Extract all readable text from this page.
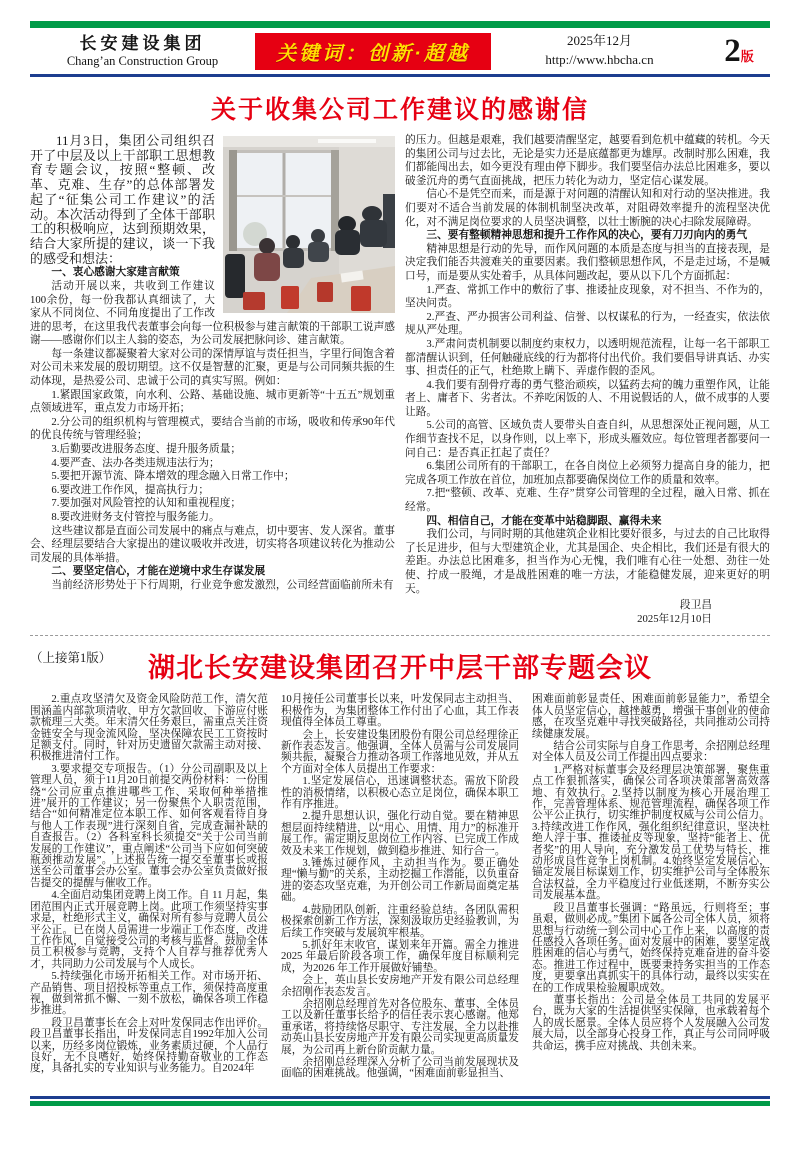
长安建设集团
Chang’an Construction Group	关键词：创新·超越
2025年12月
http://www.hbcha.cn	2版
关于收集公司工作建议的感谢信

11月3日，集团公司组织召开了中层及以上干部职工思想教育专题会议，按照“整顿、改革、克难、生存”的总体部署发起了“征集公司工作建议”的活动。本次活动得到了全体干部职工的积极响应，达到预期效果，结合大家所提的建议，谈一下我的感受和想法：

一、衷心感谢大家建言献策

活动开展以来，共收到工作建议100余份，每一份我都认真细读了，大家从不同岗位、不同角度提出了工作改进的思考，在这里我代表董事会向每一位积极参与建言献策的干部职工说声感谢——感谢你们以主人翁的姿态，为公司发展把脉问诊、建言献策。

每一条建议都凝聚着大家对公司的深情厚谊与责任担当，字里行间饱含着对公司未来发展的殷切期望。这不仅是智慧的汇聚，更是与公司同频共振的生动体现，是热爱公司、忠诚于公司的真实写照。例如：

1.紧跟国家政策，向水利、公路、基础设施、城市更新等“十五五”规划重点领域进军，重点发力市场开拓；

2.分公司的组织机构与管理模式，要结合当前的市场，吸收和传承90年代的优良传统与管理经验；

3.后勤要改进服务态度、提升服务质量；

4.要严查、法办各类违规违法行为；

5.要把开源节流、降本增效的理念融入日常工作中；

6.要改进工作作风，提高执行力；

7.要加强对风险管控的认知和重视程度；

8.要改进财务支付管控与服务能力。

这些建议都是直面公司发展中的痛点与难点，切中要害、发人深省。董事会、经理层要结合大家提出的建议吸收并改进，切实将各项建议转化为推动公司发展的具体举措。

二、要坚定信心，才能在逆境中求生存谋发展

当前经济形势处于下行周期，行业竞争愈发激烈，公司经营面临前所未有

的压力。但越是艰难，我们越要清醒坚定，越要看到危机中蕴藏的转机。今天的集团公司与过去比，无论是实力还是底蕴都更为雄厚。改制时那么困难，我们都能闯出去，如今更没有理由停下脚步。我们要坚信办法总比困难多，要以破釜沉舟的勇气直面挑战，把压力转化为动力，坚定信心谋发展。

信心不是凭空而来，而是源于对问题的清醒认知和对行动的坚决推进。我们要对不适合当前发展的体制机制坚决改革，对阻碍效率提升的流程坚决优化，对不满足岗位要求的人员坚决调整，以壮士断腕的决心扫除发展障碍。

三、要有整顿精神思想和提升工作作风的决心，要有刀刃向内的勇气

精神思想是行动的先导，而作风问题的本质是态度与担当的直接表现，是决定我们能否共渡难关的重要因素。我们整顿思想作风，不是走过场，不是喊口号，而是要从实处着手，从具体问题改起，要从以下几个方面抓起：

1.严查、常抓工作中的敷衍了事、推诿扯皮现象，对不担当、不作为的，坚决问责。

2.严查、严办损害公司利益、信誉、以权谋私的行为，一经查实，依法依规从严处理。

3.严肃问责机制要以制度约束权力，以透明规范流程，让每一名干部职工都清醒认识到，任何触碰底线的行为都将付出代价。我们要倡导讲真话、办实事、担责任的正气，杜绝欺上瞒下、弄虚作假的歪风。

4.我们要有刮骨疗毒的勇气整治顽疾，以猛药去疴的魄力重塑作风，让能者上、庸者下、劣者汰。不养吃闲饭的人、不用说假话的人，做不成事的人要让路。

5.公司的高管、区域负责人要带头自查自纠，从思想深处正视问题，从工作细节查找不足，以身作则，以上率下，形成头雁效应。每位管理者都要问一问自己：是否真正扛起了责任？

6.集团公司所有的干部职工，在各自岗位上必须努力提高自身的能力，把完成各项工作放在首位，加班加点都要确保岗位工作的质量和效率。

7.把“整顿、改革、克难、生存”贯穿公司管理的全过程，融入日常、抓在经常。

四、相信自己，才能在变革中站稳脚跟、赢得未来

我们公司，与同时期的其他建筑企业相比要好很多，与过去的自己比取得了长足进步，但与大型建筑企业，尤其是国企、央企相比，我们还是有很大的差距。办法总比困难多，担当作为心无愧，我们唯有心往一处想、劲往一处使、拧成一股绳，才是战胜困难的唯一方法，才能稳健发展，迎来更好的明天。

段卫昌

2025年12月10日

（上接第1版）	湖北长安建设集团召开中层干部专题会议

2.重点攻坚清欠及资金风险防范工作，清欠范围涵盖内部款项清收、甲方欠款回收、下游应付账款梳理三大类。年末清欠任务艰巨，需重点关注资金链安全与现金流风险，坚决保障农民工工资按时足额支付。同时，针对历史遗留欠款需主动对接、积极推进清付工作。

3.要求提交专项报告。（1）分公司副职及以上管理人员，须于11月20日前提交两份材料：一份围绕“公司应重点推进哪些工作、采取何种举措推进”展开的工作建议；另一份聚焦个人职责范围，结合“如何精准定位本职工作、如何客观看待自身与他人工作表现”进行深刻自省，完成查漏补缺的自查报告。（2）各科室科长须提交“关于公司当前发展的工作建议”，重点阐述“公司当下应如何突破瓶颈推动发展”。上述报告统一提交至董事长或报送至公司董事会办公室。董事会办公室负责做好报告提交的提醒与催收工作。

4.全面启动集团竞聘上岗工作。自 11 月起，集团范围内正式开展竞聘上岗。此项工作须坚持实事求是，杜绝形式主义，确保对所有参与竞聘人员公平公正。已在岗人员需进一步端正工作态度，改进工作作风，自觉接受公司的考核与监督。鼓励全体员工积极参与竞聘，支持个人自荐与推荐优秀人才，共同助力公司发展与个人成长。

5.持续强化市场开拓相关工作。对市场开拓、产品销售、项目招投标等重点工作，须保持高度重视，做到常抓不懈、一刻不放松，确保各项工作稳步推进。

段卫昌董事长在会上对叶发保同志作出评价。段卫昌董事长指出，叶发保同志自1992年加入公司以来，历经多岗位锻炼，业务素质过硬，个人品行良好，无不良嗜好，始终保持勤奋敬业的工作态度，具备扎实的专业知识与业务能力。自2024年

10月接任公司董事长以来，叶发保同志主动担当、积极作为，为集团整体工作付出了心血，其工作表现值得全体员工尊重。

会上，长安建设集团股份有限公司总经理徐正新作表态发言。他强调，全体人员需与公司发展同频共振，凝聚合力推动各项工作落地见效，并从五个方面对全体人员提出工作要求：

1.坚定发展信心，迅速调整状态。需放下阶段性的消极情绪，以积极心态立足岗位，确保本职工作有序推进。

2.提升思想认识，强化行动自觉。要在精神思想层面持续精进，以“用心、用情、用力”的标准开展工作。需定期反思岗位工作内容、已完成工作成效及未来工作规划，做到稳步推进、知行合一。

3.锤炼过硬作风，主动担当作为。要正确处理“懒与勤”的关系，主动挖掘工作潜能，以负重奋进的姿态攻坚克难，为开创公司工作新局面奠定基础。

4.鼓励团队创新，注重经验总结。各团队需积极探索创新工作方法，深刻汲取历史经验教训，为后续工作突破与发展筑牢根基。

5.抓好年末收官，谋划来年开篇。需全力推进2025 年最后阶段各项工作，确保年度目标顺利完成，为2026 年工作开展做好铺垫。

会上，英山县长安房地产开发有限公司总经理余招刚作表态发言。

余招刚总经理首先对各位股东、董事、全体员工以及新任董事长给予的信任表示衷心感谢。他郑重承诺，将持续恪尽职守、专注发展，全力以赴推动英山县长安房地产开发有限公司实现更高质量发展，为公司再上新台阶贡献力量。

余招刚总经理深入分析了公司当前发展现状及面临的困难挑战。他强调，“困难面前彰显担当、

困难面前彰显责任、困难面前彰显能力”，希望全体人员坚定信心，越挫越勇，增强干事创业的使命感，在攻坚克难中寻找突破路径，共同推动公司持续健康发展。

结合公司实际与自身工作思考，余招刚总经理对全体人员及公司工作提出四点要求：

1.严格对标董事会及经理层决策部署，聚焦重点工作狠抓落实，确保公司各项决策部署高效落地、有效执行。2.坚持以制度为核心开展治理工作，完善管理体系、规范管理流程，确保各项工作公平公正执行，切实维护制度权威与公司公信力。3.持续改进工作作风，强化组织纪律意识，坚决杜绝人浮于事、推诿扯皮等现象，坚持“能者上、优者奖”的用人导向，充分激发员工优势与特长，推动形成良性竞争上岗机制。4.始终坚定发展信心，锚定发展目标谋划工作，切实维护公司与全体股东合法权益，全力平稳度过行业低迷期，不断夯实公司发展基本盘。

段卫昌董事长强调：“路虽远，行则将至；事虽艰，做则必成。”集团下属各公司全体人员，须将思想与行动统一到公司中心工作上来，以高度的责任感投入各项任务。面对发展中的困难，要坚定战胜困难的信心与勇气，始终保持克难奋进的奋斗姿态。推进工作过程中，既要秉持务实担当的工作态度，更要拿出真抓实干的具体行动，最终以实实在在的工作成果检验履职成效。

董事长指出：公司是全体员工共同的发展平台，既为大家的生活提供坚实保障，也承载着每个人的成长愿景。全体人员应将个人发展融入公司发展大局，以全部身心投身工作，真正与公司同呼吸共命运，携手应对挑战、共创未来。
